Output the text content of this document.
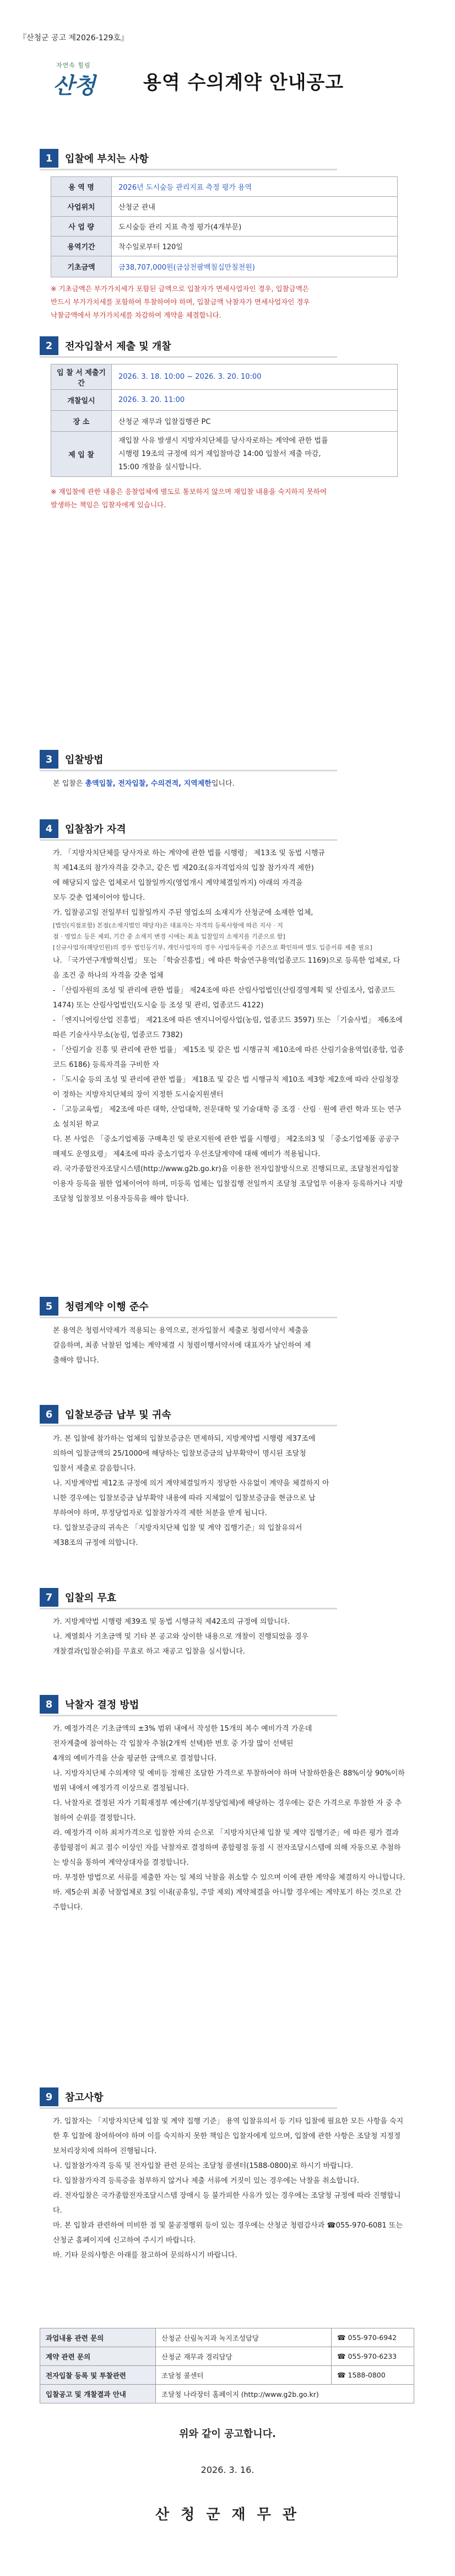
『산청군 공고 제2026-129호』
자연속 힐링
산청	용역 수의계약 안내공고
1	입찰에 부치는 사항
용 역 명	2026년 도시숲등 관리지표 측정 평가 용역
사업위치	산청군 관내
사 업 량	도시숲등 관리 지표 측정 평가(4개부문)
용역기간	착수일로부터 120일
기초금액	금38,707,000원(금삼천팔백칠십만칠천원)
※ 기초금액은 부가가치세가 포함된 금액으로 입찰자가 면세사업자인 경우, 입찰금액은
반드시 부가가치세를 포함하여 투찰하여야 하며, 입찰금액 낙찰자가 면세사업자인 경우
낙찰금액에서 부가가치세를 차감하여 계약을 체결합니다.
2	전자입찰서 제출 및 개찰
입 찰 서 제출기간	2026. 3. 18. 10:00 ~ 2026. 3. 20. 10:00
개찰일시	2026. 3. 20. 11:00
장 소	산청군 재무과 입찰집행관 PC
제 입 찰	재입찰 사유 발생시 지방자치단체를 당사자로하는 계약에 관한 법률
시행령 19조의 규정에 의거 재입찰마감 14:00 입찰서 제출 마감,
15:00 개찰을 실시합니다.
※ 재입찰에 관한 내용은 응찰업체에 별도로 통보하지 않으며 재입찰 내용을 숙지하지 못하여
발생하는 책임은 입찰자에게 있습니다.
3	입찰방법
본 입찰은 총액입찰, 전자입찰, 수의견적, 지역제한입니다.
4	입찰참가 자격
가. 「지방자치단체를 당사자로 하는 계약에 관한 법률 시행령」 제13조 및 동법 시행규
칙 제14조의 참가자격을 갖추고, 같은 법 제20조(유자격업자의 입찰 참가자격 제한)
에 해당되지 않은 업체로서 입찰일까지(영업개시 계약체결일까지) 아래의 자격을
모두 갖춘 업체이어야 합니다.
가. 입찰공고일 전일부터 입찰일까지 주된 영업소의 소재지가 산청군에 소재한 업체,
[법인(지점포함) 본점(소재지법인 해당자)은 대표자는 자격의 등록사항에 따른 지사ᆞ지
점ᆞ영업소 등은 제외, 기간 중 소재지 변경 시에는 최초 입찰일의 소재지를 기준으로 함]
[신규사업자(해당인원)의 경우 법인등기부, 개인사업자의 경우 사업자등록증 기준으로 확인하며 별도 입증서류 제출 필요]
나. 「국가연구개발혁신법」 또는 「학술진흥법」에 따른 학술연구용역(업종코드 1169)으로 등록한 업체로, 다음 조건 중 하나의 자격을 갖춘 업체
- 「산림자원의 조성 및 관리에 관한 법률」 제24조에 따른 산림사업법인(산림경영계획 및 산림조사, 업종코드 1474) 또는 산림사업법인(도시숲 등 조성 및 관리, 업종코드 4122)
- 「엔지니어링산업 진흥법」 제21조에 따른 엔지니어링사업(농림, 업종코드 3597) 또는 「기술사법」 제6조에 따른 기술사사무소(농림, 업종코드 7382)
- 「산림기술 진흥 및 관리에 관한 법률」 제15조 및 같은 법 시행규칙 제10조에 따른 산림기술용역업(종합, 업종코드 6186) 등록자격을 구비한 자
- 「도시숲 등의 조성 및 관리에 관한 법률」 제18조 및 같은 법 시행규칙 제10조 제3항 제2호에 따라 산림청장이 정하는 지방자치단체의 장이 지정한 도시숲지원센터
- 「고등교육법」 제2조에 따른 대학, 산업대학, 전문대학 및 기술대학 중 조경ᆞ산림ᆞ원예 관련 학과 또는 연구소 설치된 학교
다. 본 사업은 「중소기업제품 구매촉진 및 판로지원에 관한 법률 시행령」 제2조의3 및 「중소기업제품 공공구매제도 운영요령」 제4조에 따라 중소기업자 우선조달계약에 대해 예비가 적용됩니다.
라. 국가종합전자조달시스템(http://www.g2b.go.kr)을 이용한 전자입찰방식으로 진행되므로, 조달청전자입찰 이용자 등록을 필한 업체이어야 하며, 미등록 업체는 입찰집행 전일까지 조달청 조달업무 이용자 등록하거나 지방조달청 입찰정보 이용자등록을 해야 합니다.
5	청렴계약 이행 준수
본 용역은 청렴서약제가 적용되는 용역으로, 전자입찰서 제출로 청렴서약서 제출을
갈음하며, 최종 낙찰된 업체는 계약체결 시 청렴이행서약서에 대표자가 날인하여 제
출해야 합니다.
6	입찰보증금 납부 및 귀속
가. 본 입찰에 참가하는 업체의 입찰보증금은 면제하되, 지방계약법 시행령 제37조에
의하여 입찰금액의 25/1000에 해당하는 입찰보증금의 납부확약이 명시된 조달청
입찰서 제출로 갈음합니다.
나. 지방계약법 제12조 규정에 의거 계약체결일까지 정당한 사유없이 계약을 체결하지 아
니한 경우에는 입찰보증금 납부확약 내용에 따라 지체없이 입찰보증금을 현금으로 납
부하여야 하며, 부정당업자로 입찰참가자격 제한 처분을 받게 됩니다.
다. 입찰보증금의 귀속은 「지방자치단체 입찰 및 계약 집행기준」의 입찰유의서
제38조의 규정에 의합니다.
7	입찰의 무효
가. 지방계약법 시행령 제39조 및 동법 시행규칙 제42조의 규정에 의합니다.
나. 계열회사 기초금액 및 기타 본 공고와 상이한 내용으로 개찰이 진행되었을 경우
개찰결과(입찰순위)를 무효로 하고 재공고 입찰을 실시합니다.
8	낙찰자 결정 방법
가. 예정가격은 기초금액의 ±3% 범위 내에서 작성한 15개의 복수 예비가격 가운데
전자계출에 참여하는 각 입찰자 추첨(2개씩 선택)한 번호 중 가장 많이 선택된
4개의 예비가격을 산술 평균한 금액으로 결정합니다.
나. 지방자치단체 수의계약 및 예비등 정해진 조달한 가격으로 투찰하여야 하며 낙찰하한율은 88%이상 90%이하 범위 내에서 예정가격 이상으로 결정됩니다.
다. 낙찰자로 결정된 자가 기획재정부 예산예기(부정당업체)에 해당하는 경우에는 같은 가격으로 투찰한 자 중 추첨하여 순위를 결정합니다.
라. 예정가격 이하 최저가격으로 입찰한 자의 순으로 「지방자치단체 입찰 및 계약 집행기준」에 따른 평가 결과 종합평점이 최고 점수 이상인 자를 낙찰자로 결정하며 종합평점 동점 시 전자조달시스템에 의해 자동으로 추첨하는 방식을 통하여 계약상대자를 결정합니다.
마. 부정한 방법으로 서류를 제출한 자는 일 체의 낙찰을 취소할 수 있으며 이에 관한 계약을 체결하지 아니합니다.
바. 제5순위 최종 낙찰업체로 3일 이내(공휴일, 주말 제외) 계약체결을 아니할 경우에는 계약포기 하는 것으로 간주합니다.
9	참고사항
가. 입찰자는 「지방자치단체 입찰 및 계약 집행 기준」 용역 입찰유의서 등 기타 입찰에 필요한 모든 사항을 숙지한 후 입찰에 참여하여야 하며 이를 숙지하지 못한 책임은 입찰자에게 있으며, 입찰에 관한 사항은 조달청 지정정보처리장치에 의하여 진행됩니다.
나. 입찰참가자격 등록 및 전자입찰 관련 문의는 조달청 콜센터(1588-0800)로 하시기 바랍니다.
다. 입찰참가자격 등록증을 첨부하지 않거나 제출 서류에 거짓이 있는 경우에는 낙찰을 취소합니다.
라. 전자입찰은 국가종합전자조달시스템 장애시 등 불가피한 사유가 있는 경우에는 조달청 규정에 따라 진행합니다.
마. 본 입찰과 관련하여 미비한 점 및 불공정행위 등이 있는 경우에는 산청군 청렴감사과 ☎055-970-6081 또는 산청군 홈페이지에 신고하여 주시기 바랍니다.
바. 기타 문의사항은 아래를 참고하여 문의하시기 바랍니다.
과업내용 관련 문의	산청군 산림녹지과 녹지조성담당	☎ 055-970-6942
계약 관련 문의	산청군 재무과 경리담당	☎ 055-970-6233
전자입찰 등록 및 투찰관련	조달청 콜센터	☎ 1588-0800
입찰공고 및 개찰결과 안내	조달청 나라장터 홈페이지 (http://www.g2b.go.kr)	
위와 같이 공고합니다.
2026. 3. 16.
산 청 군 재 무 관
